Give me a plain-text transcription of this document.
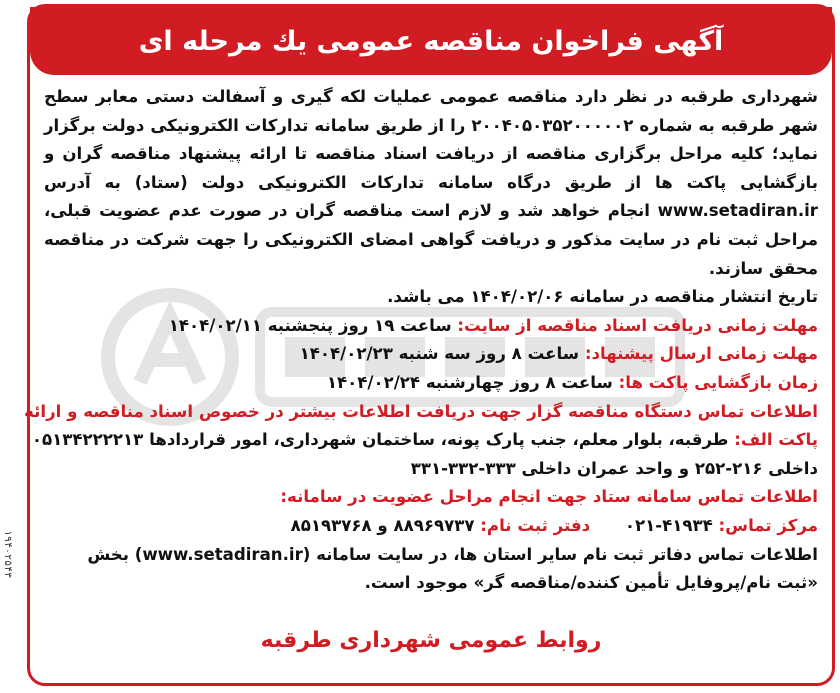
آگهی فراخوان مناقصه عمومی یك مرحله ای

شهرداری طرقبه در نظر دارد مناقصه عمومی عملیات لکه گیری و آسفالت دستی معابر سطح شهر طرقبه به شماره ۲۰۰۴۰۵۰۳۵۲۰۰۰۰۰۲ را از طریق سامانه تدارکات الکترونیکی دولت برگزار نماید؛ کلیه مراحل برگزاری مناقصه از دریافت اسناد مناقصه تا ارائه پیشنهاد مناقصه گران و بازگشایی پاکت ها از طریق درگاه سامانه تدارکات الکترونیکی دولت (ستاد) به آدرس www.setadiran.ir انجام خواهد شد و لازم است مناقصه گران در صورت عدم عضویت قبلی، مراحل ثبت نام در سایت مذکور و دریافت گواهی امضای الکترونیکی را جهت شرکت در مناقصه محقق سازند.

تاریخ انتشار مناقصه در سامانه ۱۴۰۴/۰۲/۰۶ می باشد.

مهلت زمانی دریافت اسناد مناقصه از سایت: ساعت ۱۹ روز پنجشنبه ۱۴۰۴/۰۲/۱۱

مهلت زمانی ارسال پیشنهاد: ساعت ۸ روز سه شنبه ۱۴۰۴/۰۲/۲۳

زمان بازگشایی پاکت ها: ساعت ۸ روز چهارشنبه ۱۴۰۴/۰۲/۲۴

اطلاعات تماس دستگاه مناقصه گزار جهت دریافت اطلاعات بیشتر در خصوص اسناد مناقصه و ارائه

پاکت الف: طرقبه، بلوار معلم، جنب پارک پونه، ساختمان شهرداری، امور قراردادها ۰۵۱۳۴۲۲۲۲۱۳

داخلی ۲۱۶-۲۵۲ و واحد عمران داخلی ۳۳۳-۳۳۲-۳۳۱

اطلاعات تماس سامانه ستاد جهت انجام مراحل عضویت در سامانه:

مرکز تماس: ۴۱۹۳۴-۰۲۱      دفتر ثبت نام: ۸۸۹۶۹۷۳۷ و ۸۵۱۹۳۷۶۸

اطلاعات تماس دفاتر ثبت نام سایر استان ها، در سایت سامانه (www.setadiran.ir) بخش

«ثبت نام/پروفایل تأمین کننده/مناقصه گر» موجود است.

روابط عمومی شهرداری طرقبه
۱۹۴۰۲۵۴۳
